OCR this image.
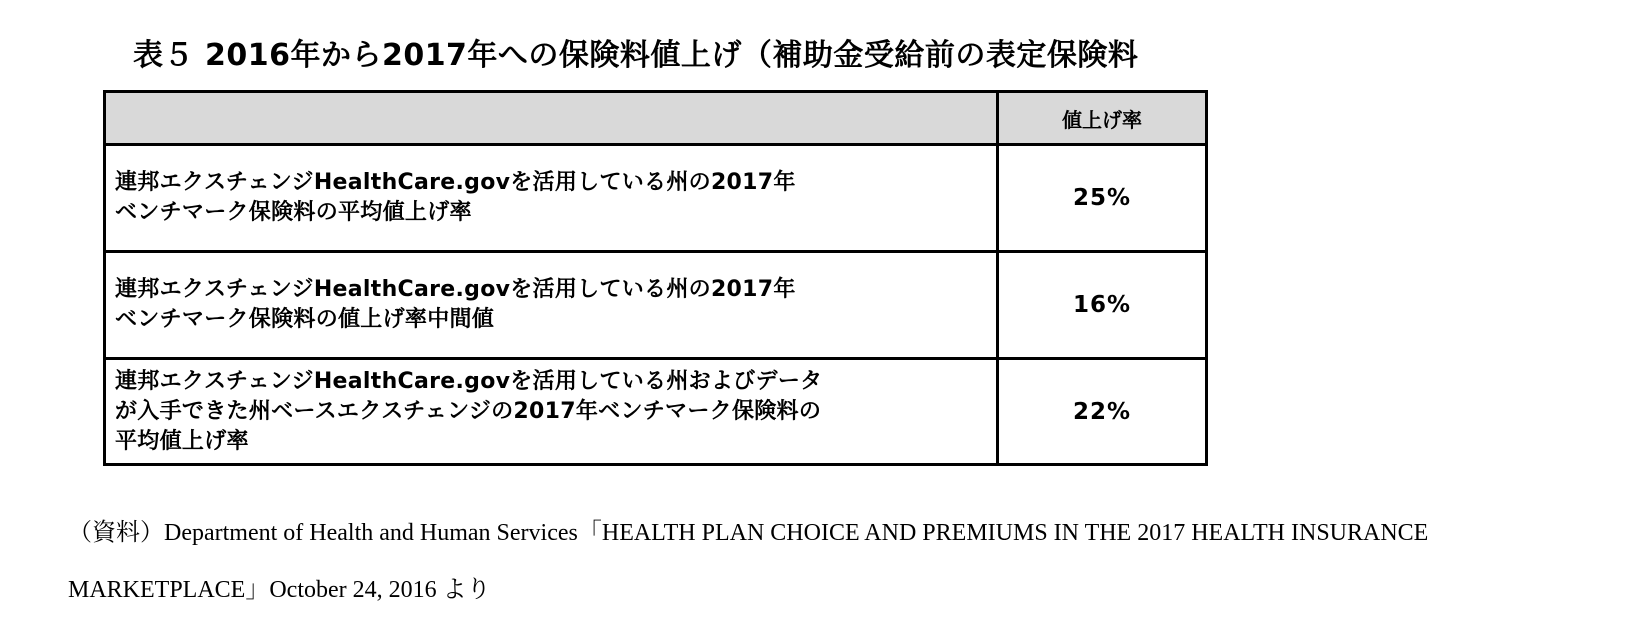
表５ 2016年から2017年への保険料値上げ（補助金受給前の表定保険料
	値上げ率

連邦エクスチェンジHealthCare.govを活用している州の2017年
ベンチマーク保険料の平均値上げ率	25%

連邦エクスチェンジHealthCare.govを活用している州の2017年
ベンチマーク保険料の値上げ率中間値	16%

連邦エクスチェンジHealthCare.govを活用している州およびデータ
が入手できた州ベースエクスチェンジの2017年ベンチマーク保険料の
平均値上げ率	22%
（資料）Department of Health and Human Services「HEALTH PLAN CHOICE AND PREMIUMS IN THE 2017 HEALTH INSURANCE
MARKETPLACE」October 24, 2016 より
